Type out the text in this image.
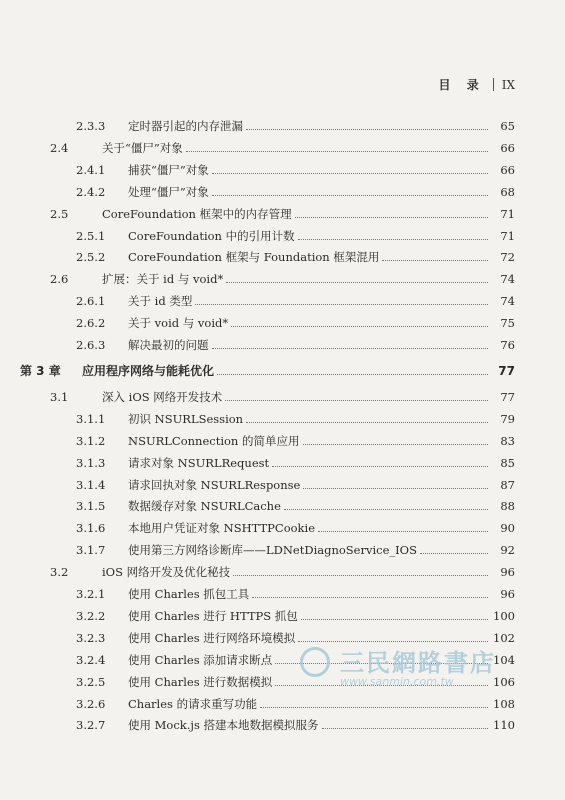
目 录 IX
2.3.3	定时器引起的内存泄漏	65
2.4	关于“僵尸”对象	66
2.4.1	捕获“僵尸”对象	66
2.4.2	处理“僵尸”对象	68
2.5	CoreFoundation 框架中的内存管理	71
2.5.1	CoreFoundation 中的引用计数	71
2.5.2	CoreFoundation 框架与 Foundation 框架混用	72
2.6	扩展：关于 id 与 void*	74
2.6.1	关于 id 类型	74
2.6.2	关于 void 与 void*	75
2.6.3	解决最初的问题	76
第 3 章	应用程序网络与能耗优化	77
3.1	深入 iOS 网络开发技术	77
3.1.1	初识 NSURLSession	79
3.1.2	NSURLConnection 的简单应用	83
3.1.3	请求对象 NSURLRequest	85
3.1.4	请求回执对象 NSURLResponse	87
3.1.5	数据缓存对象 NSURLCache	88
3.1.6	本地用户凭证对象 NSHTTPCookie	90
3.1.7	使用第三方网络诊断库——LDNetDiagnoService_IOS	92
3.2	iOS 网络开发及优化秘技	96
3.2.1	使用 Charles 抓包工具	96
3.2.2	使用 Charles 进行 HTTPS 抓包	100
3.2.3	使用 Charles 进行网络环境模拟	102
3.2.4	使用 Charles 添加请求断点	104
3.2.5	使用 Charles 进行数据模拟	106
3.2.6	Charles 的请求重写功能	108
3.2.7	使用 Mock.js 搭建本地数据模拟服务	110
三民網路書店
www.sanmin.com.tw
